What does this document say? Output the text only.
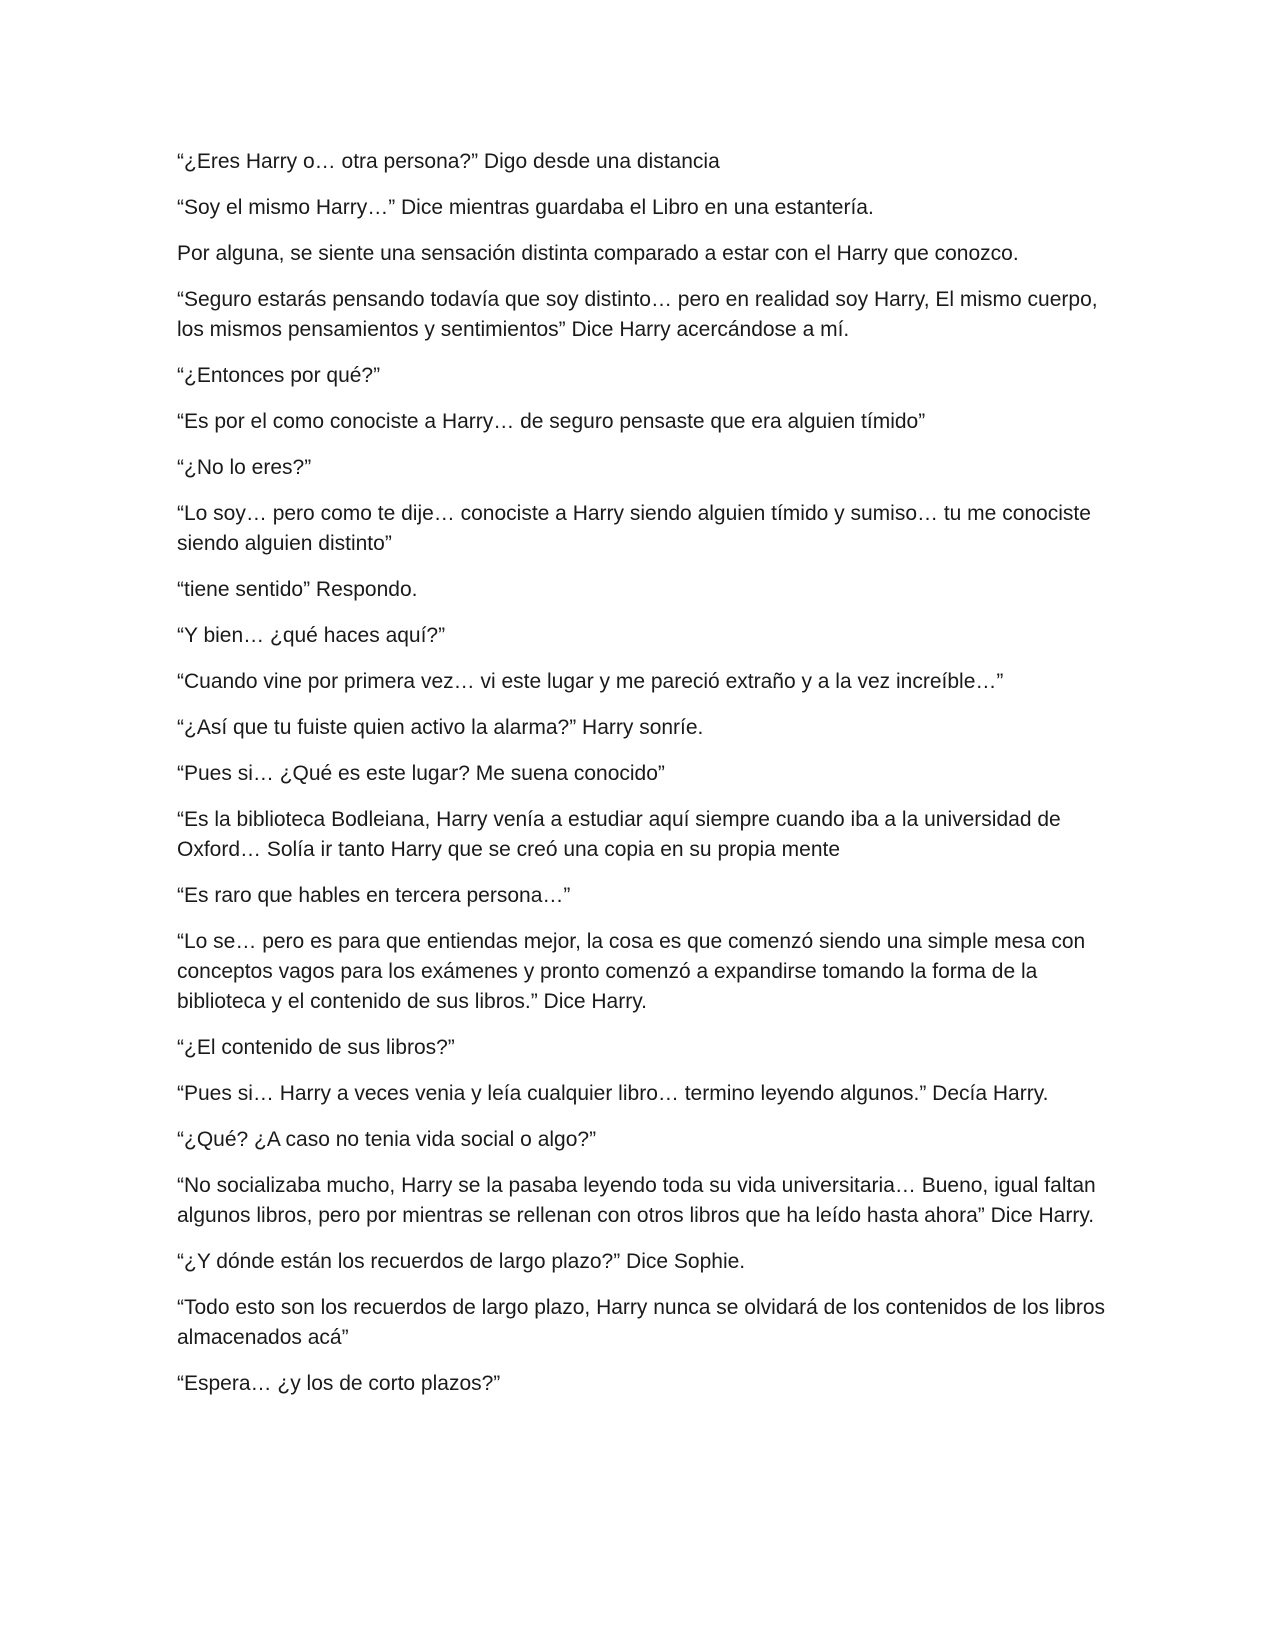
“¿Eres Harry o… otra persona?” Digo desde una distancia

“Soy el mismo Harry…” Dice mientras guardaba el Libro en una estantería.

Por alguna, se siente una sensación distinta comparado a estar con el Harry que conozco.

“Seguro estarás pensando todavía que soy distinto… pero en realidad soy Harry, El mismo cuerpo, los mismos pensamientos y sentimientos” Dice Harry acercándose a mí.

“¿Entonces por qué?”

“Es por el como conociste a Harry… de seguro pensaste que era alguien tímido”

“¿No lo eres?”

“Lo soy… pero como te dije… conociste a Harry siendo alguien tímido y sumiso… tu me conociste siendo alguien distinto”

“tiene sentido” Respondo.

“Y bien… ¿qué haces aquí?”

“Cuando vine por primera vez… vi este lugar y me pareció extraño y a la vez increíble…”

“¿Así que tu fuiste quien activo la alarma?” Harry sonríe.

“Pues si… ¿Qué es este lugar? Me suena conocido”

“Es la biblioteca Bodleiana, Harry venía a estudiar aquí siempre cuando iba a la universidad de Oxford… Solía ir tanto Harry que se creó una copia en su propia mente

“Es raro que hables en tercera persona…”

“Lo se… pero es para que entiendas mejor, la cosa es que comenzó siendo una simple mesa con conceptos vagos para los exámenes y pronto comenzó a expandirse tomando la forma de la biblioteca y el contenido de sus libros.” Dice Harry.

“¿El contenido de sus libros?”

“Pues si… Harry a veces venia y leía cualquier libro… termino leyendo algunos.” Decía Harry.

“¿Qué? ¿A caso no tenia vida social o algo?”

“No socializaba mucho, Harry se la pasaba leyendo toda su vida universitaria… Bueno, igual faltan algunos libros, pero por mientras se rellenan con otros libros que ha leído hasta ahora” Dice Harry.

“¿Y dónde están los recuerdos de largo plazo?” Dice Sophie.

“Todo esto son los recuerdos de largo plazo, Harry nunca se olvidará de los contenidos de los libros almacenados acá”

“Espera… ¿y los de corto plazos?”
